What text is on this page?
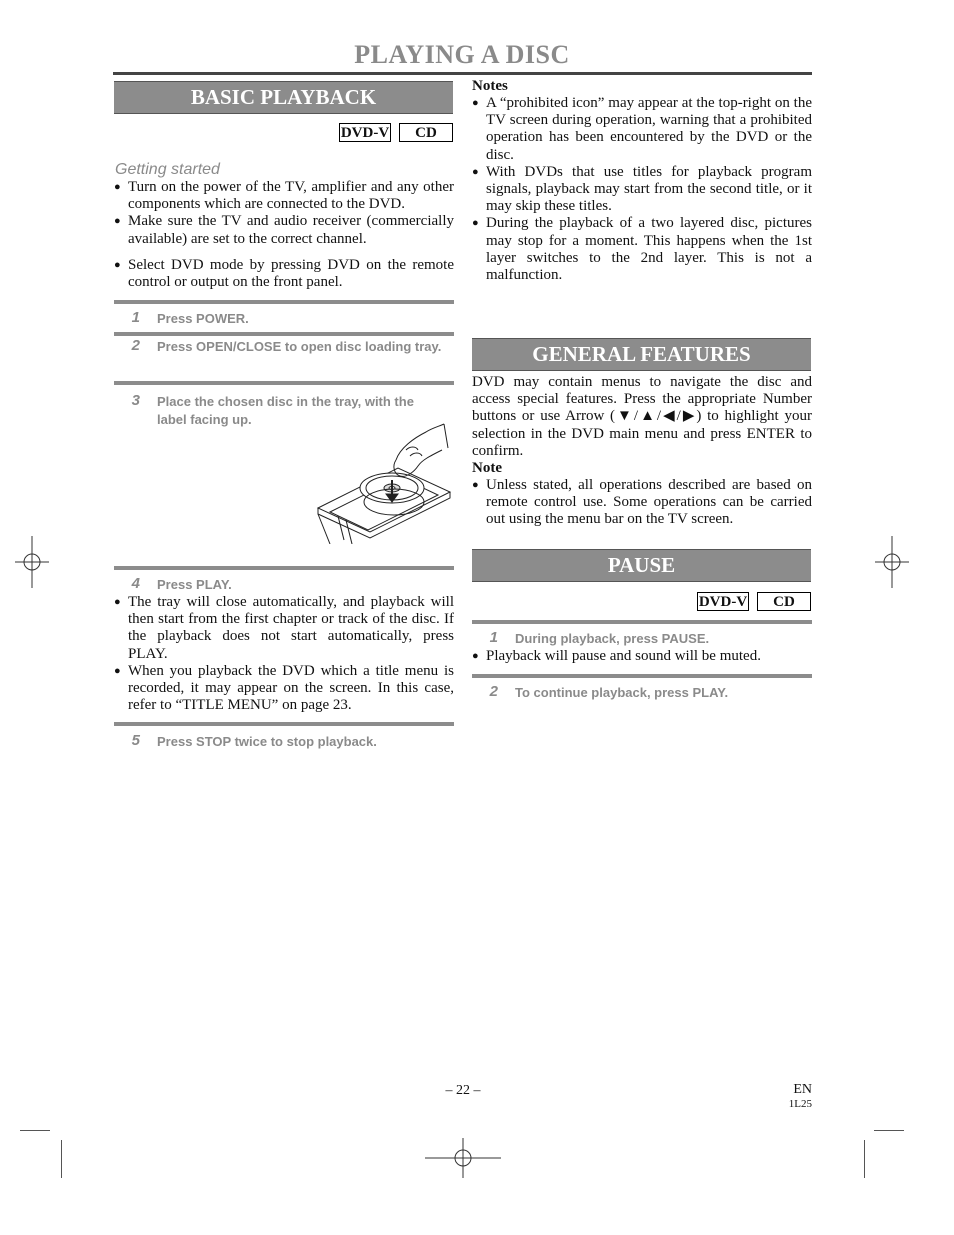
PLAYING A DISC
BASIC PLAYBACK
DVD-V	CD
Getting started
● Turn on the power of the TV, amplifier and any other components which are connected to the DVD.
● Make sure the TV and audio receiver (commercially available) are set to the correct channel.
● Select DVD mode by pressing DVD on the remote control or output on the front panel.
1 Press POWER.
2 Press OPEN/CLOSE to open disc loading tray.
3 Place the chosen disc in the tray, with the label facing up.
4 Press PLAY.
● The tray will close automatically, and playback will then start from the first chapter or track of the disc. If the playback does not start automatically, press PLAY.
● When you playback the DVD which a title menu is recorded, it may appear on the screen. In this case, refer to “TITLE MENU” on page 23.
5 Press STOP twice to stop playback.
Notes
● A “prohibited icon” may appear at the top-right on the TV screen during operation, warning that a prohibited operation has been encountered by the DVD or the disc.
● With DVDs that use titles for playback program signals, playback may start from the second title, or it may skip these titles.
● During the playback of a two layered disc, pictures may stop for a moment. This happens when the 1st layer switches to the 2nd layer. This is not a malfunction.
GENERAL FEATURES
DVD may contain menus to navigate the disc and access special features. Press the appropriate Number buttons or use Arrow (▼/▲/◀/▶) to highlight your selection in the DVD main menu and press ENTER to confirm.
Note
● Unless stated, all operations described are based on remote control use. Some operations can be carried out using the menu bar on the TV screen.
PAUSE
DVD-V	CD
1 During playback, press PAUSE.
● Playback will pause and sound will be muted.
2 To continue playback, press PLAY.
– 22 –	EN
1L25
